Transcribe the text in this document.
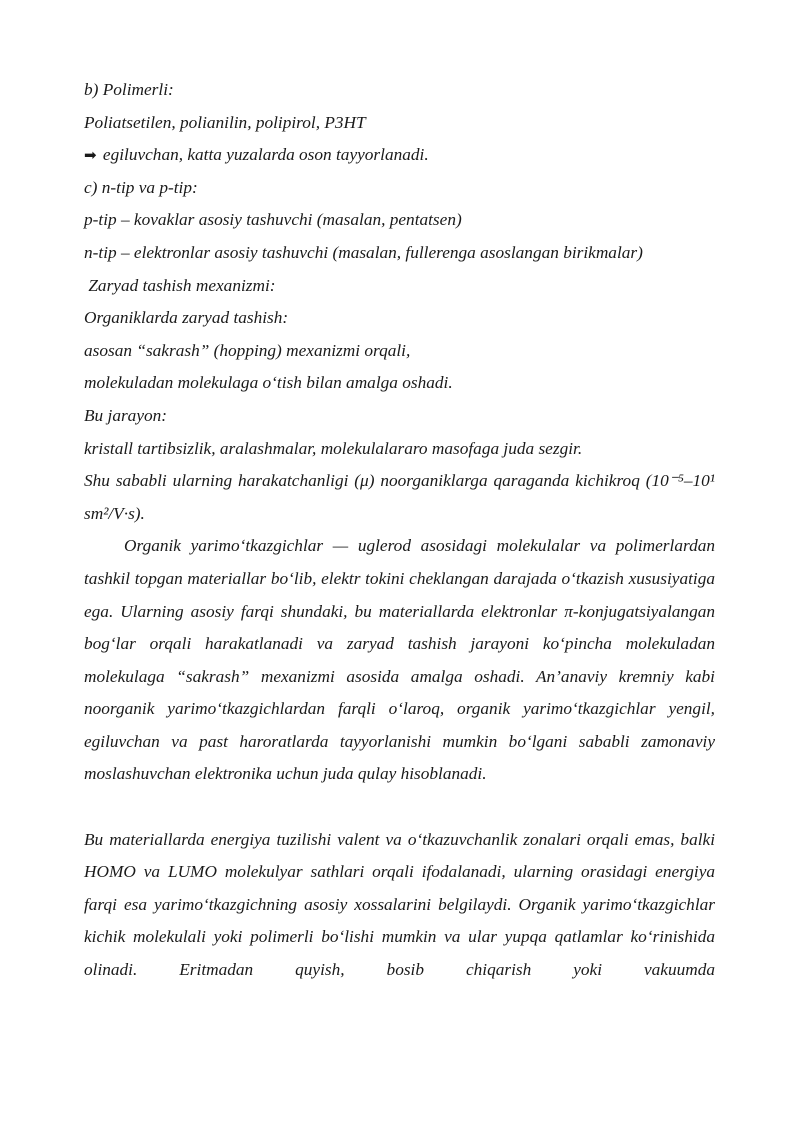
b) Polimerli:

Poliatsetilen, polianilin, polipirol, P3HT

➡ egiluvchan, katta yuzalarda oson tayyorlanadi.

c) n-tip va p-tip:

p-tip – kovaklar asosiy tashuvchi (masalan, pentatsen)

n-tip – elektronlar asosiy tashuvchi (masalan, fullerenga asoslangan birikmalar)

Zaryad tashish mexanizmi:

Organiklarda zaryad tashish:

asosan “sakrash” (hopping) mexanizmi orqali,

molekuladan molekulaga o‘tish bilan amalga oshadi.

Bu jarayon:

kristall tartibsizlik, aralashmalar, molekulalararo masofaga juda sezgir.

Shu sababli ularning harakatchanligi (μ) noorganiklarga qaraganda kichikroq (10⁻⁵–10¹ sm²/V·s).

Organik yarimo‘tkazgichlar — uglerod asosidagi molekulalar va polimerlardan tashkil topgan materiallar bo‘lib, elektr tokini cheklangan darajada o‘tkazish xususiyatiga ega. Ularning asosiy farqi shundaki, bu materiallarda elektronlar π-konjugatsiyalangan bog‘lar orqali harakatlanadi va zaryad tashish jarayoni ko‘pincha molekuladan molekulaga “sakrash” mexanizmi asosida amalga oshadi. An’anaviy kremniy kabi noorganik yarimo‘tkazgichlardan farqli o‘laroq, organik yarimo‘tkazgichlar yengil, egiluvchan va past haroratlarda tayyorlanishi mumkin bo‘lgani sababli zamonaviy moslashuvchan elektronika uchun juda qulay hisoblanadi.

Bu materiallarda energiya tuzilishi valent va o‘tkazuvchanlik zonalari orqali emas, balki HOMO va LUMO molekulyar sathlari orqali ifodalanadi, ularning orasidagi energiya farqi esa yarimo‘tkazgichning asosiy xossalarini belgilaydi. Organik yarimo‘tkazgichlar kichik molekulali yoki polimerli bo‘lishi mumkin va ular yupqa qatlamlar ko‘rinishida olinadi. Eritmadan quyish, bosib chiqarish yoki vakuumda
